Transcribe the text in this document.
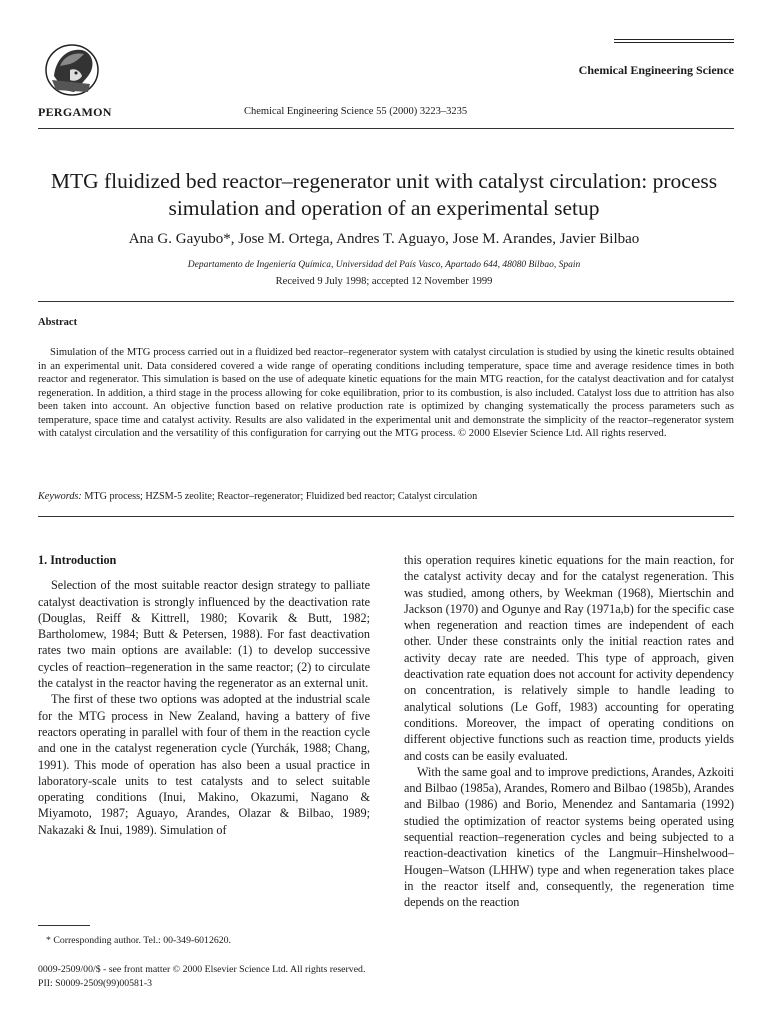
PERGAMON	Chemical Engineering Science 55 (2000) 3223–3235
Chemical Engineering Science
MTG fluidized bed reactor–regenerator unit with catalyst circulation: process simulation and operation of an experimental setup
Ana G. Gayubo*, Jose M. Ortega, Andres T. Aguayo, Jose M. Arandes, Javier Bilbao
Departamento de Ingeniería Química, Universidad del País Vasco, Apartado 644, 48080 Bilbao, Spain
Received 9 July 1998; accepted 12 November 1999
Abstract
Simulation of the MTG process carried out in a fluidized bed reactor–regenerator system with catalyst circulation is studied by using the kinetic results obtained in an experimental unit. Data considered covered a wide range of operating conditions including temperature, space time and average residence times in both reactor and regenerator. This simulation is based on the use of adequate kinetic equations for the main MTG reaction, for the catalyst deactivation and for catalyst regeneration. In addition, a third stage in the process allowing for coke equilibration, prior to its combustion, is also included. Catalyst loss due to attrition has also been taken into account. An objective function based on relative production rate is optimized by changing systematically the process parameters such as temperature, space time and catalyst activity. Results are also validated in the experimental unit and demonstrate the simplicity of the reactor–regenerator system with catalyst circulation and the versatility of this configuration for carrying out the MTG process. © 2000 Elsevier Science Ltd. All rights reserved.
Keywords: MTG process; HZSM-5 zeolite; Reactor–regenerator; Fluidized bed reactor; Catalyst circulation
1. Introduction

Selection of the most suitable reactor design strategy to palliate catalyst deactivation is strongly influenced by the deactivation rate (Douglas, Reiff & Kittrell, 1980; Kovarik & Butt, 1982; Bartholomew, 1984; Butt & Petersen, 1988). For fast deactivation rates two main options are available: (1) to develop successive cycles of reaction–regeneration in the same reactor; (2) to circulate the catalyst in the reactor having the regenerator as an external unit.

The first of these two options was adopted at the industrial scale for the MTG process in New Zealand, having a battery of five reactors operating in parallel with four of them in the reaction cycle and one in the catalyst regeneration cycle (Yurchák, 1988; Chang, 1991). This mode of operation has also been a usual practice in laboratory-scale units to test catalysts and to select suitable operating conditions (Inui, Makino, Okazumi, Nagano & Miyamoto, 1987; Aguayo, Arandes, Olazar & Bilbao, 1989; Nakazaki & Inui, 1989). Simulation of

this operation requires kinetic equations for the main reaction, for the catalyst activity decay and for the catalyst regeneration. This was studied, among others, by Weekman (1968), Miertschin and Jackson (1970) and Ogunye and Ray (1971a,b) for the specific case when regeneration and reaction times are independent of each other. Under these constraints only the initial reaction rates and activity decay rate are needed. This type of approach, given deactivation rate equation does not account for activity dependency on concentration, is relatively simple to handle leading to analytical solutions (Le Goff, 1983) accounting for operating conditions. Moreover, the impact of operating conditions on different objective functions such as reaction time, products yields and costs can be easily evaluated.

With the same goal and to improve predictions, Arandes, Azkoiti and Bilbao (1985a), Arandes, Romero and Bilbao (1985b), Arandes and Bilbao (1986) and Borio, Menendez and Santamaria (1992) studied the optimization of reactor systems being operated using sequential reaction–regeneration cycles and being subjected to a reaction-deactivation kinetics of the Langmuir–Hinshelwood–Hougen–Watson (LHHW) type and when regeneration takes place in the reactor itself and, consequently, the regeneration time depends on the reaction

* Corresponding author. Tel.: 00-349-6012620.
0009-2509/00/$ - see front matter © 2000 Elsevier Science Ltd. All rights reserved.
PII: S0009-2509(99)00581-3
